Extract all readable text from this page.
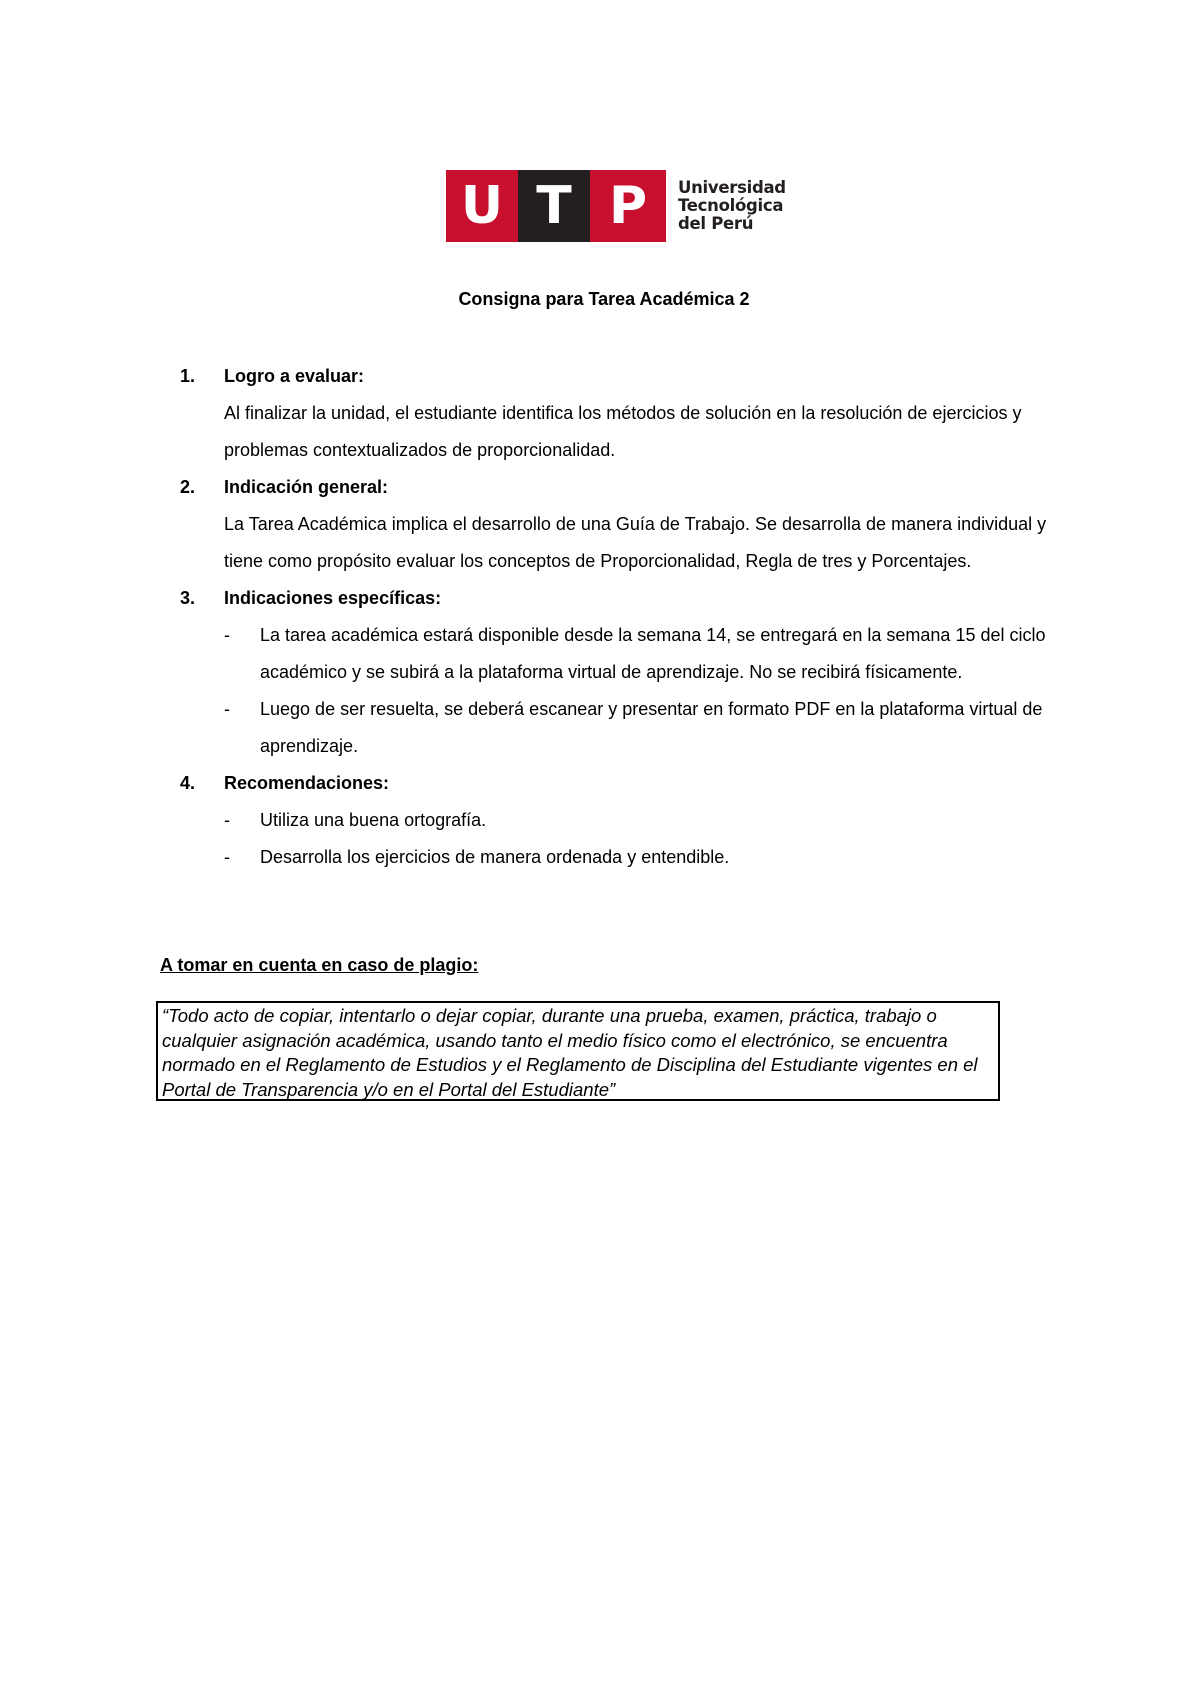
U T P	Universidad
Tecnológica
del Perú
Consigna para Tarea Académica 2
1. Logro a evaluar:

Al finalizar la unidad, el estudiante identifica los métodos de solución en la resolución de ejercicios y problemas contextualizados de proporcionalidad.

2. Indicación general:

La Tarea Académica implica el desarrollo de una Guía de Trabajo. Se desarrolla de manera individual y tiene como propósito evaluar los conceptos de Proporcionalidad, Regla de tres y Porcentajes.

3. Indicaciones específicas:
- La tarea académica estará disponible desde la semana 14, se entregará en la semana 15 del ciclo académico y se subirá a la plataforma virtual de aprendizaje. No se recibirá físicamente.
- Luego de ser resuelta, se deberá escanear y presentar en formato PDF en la plataforma virtual de aprendizaje.
4. Recomendaciones:
- Utiliza una buena ortografía.
- Desarrolla los ejercicios de manera ordenada y entendible.

A tomar en cuenta en caso de plagio:

“Todo acto de copiar, intentarlo o dejar copiar, durante una prueba, examen, práctica, trabajo o cualquier asignación académica, usando tanto el medio físico como el electrónico, se encuentra normado en el Reglamento de Estudios y el Reglamento de Disciplina del Estudiante vigentes en el Portal de Transparencia y/o en el Portal del Estudiante”
